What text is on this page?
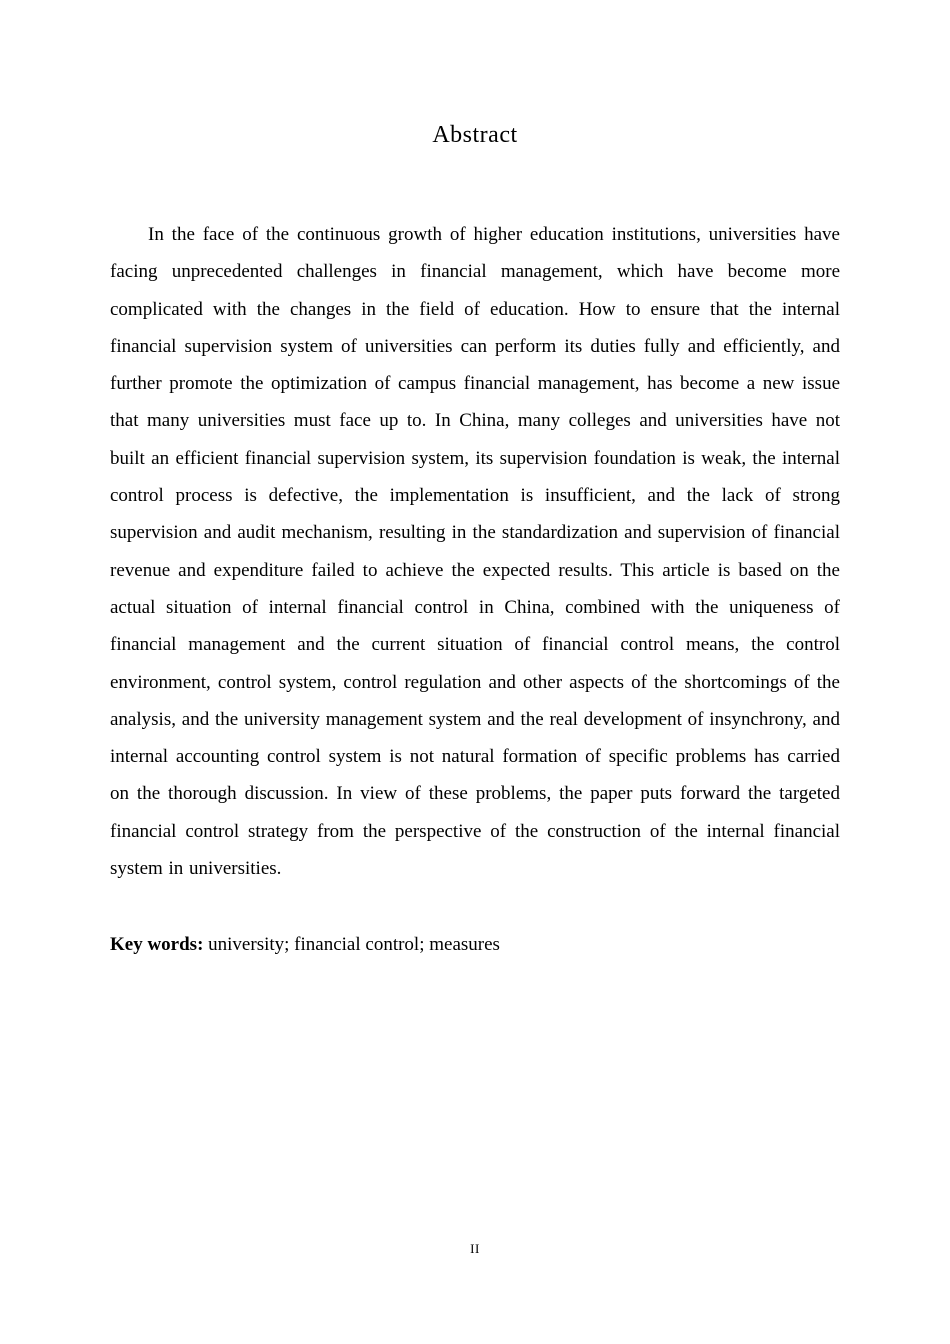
Abstract

In the face of the continuous growth of higher education institutions, universities have facing unprecedented challenges in financial management, which have become more complicated with the changes in the field of education. How to ensure that the internal financial supervision system of universities can perform its duties fully and efficiently, and further promote the optimization of campus financial management, has become a new issue that many universities must face up to. In China, many colleges and universities have not built an efficient financial supervision system, its supervision foundation is weak, the internal control process is defective, the implementation is insufficient, and the lack of strong supervision and audit mechanism, resulting in the standardization and supervision of financial revenue and expenditure failed to achieve the expected results. This article is based on the actual situation of internal financial control in China, combined with the uniqueness of financial management and the current situation of financial control means, the control environment, control system, control regulation and other aspects of the shortcomings of the analysis, and the university management system and the real development of insynchrony, and internal accounting control system is not natural formation of specific problems has carried on the thorough discussion. In view of these problems, the paper puts forward the targeted financial control strategy from the perspective of the construction of the internal financial system in universities.

Key words: university; financial control; measures

II
